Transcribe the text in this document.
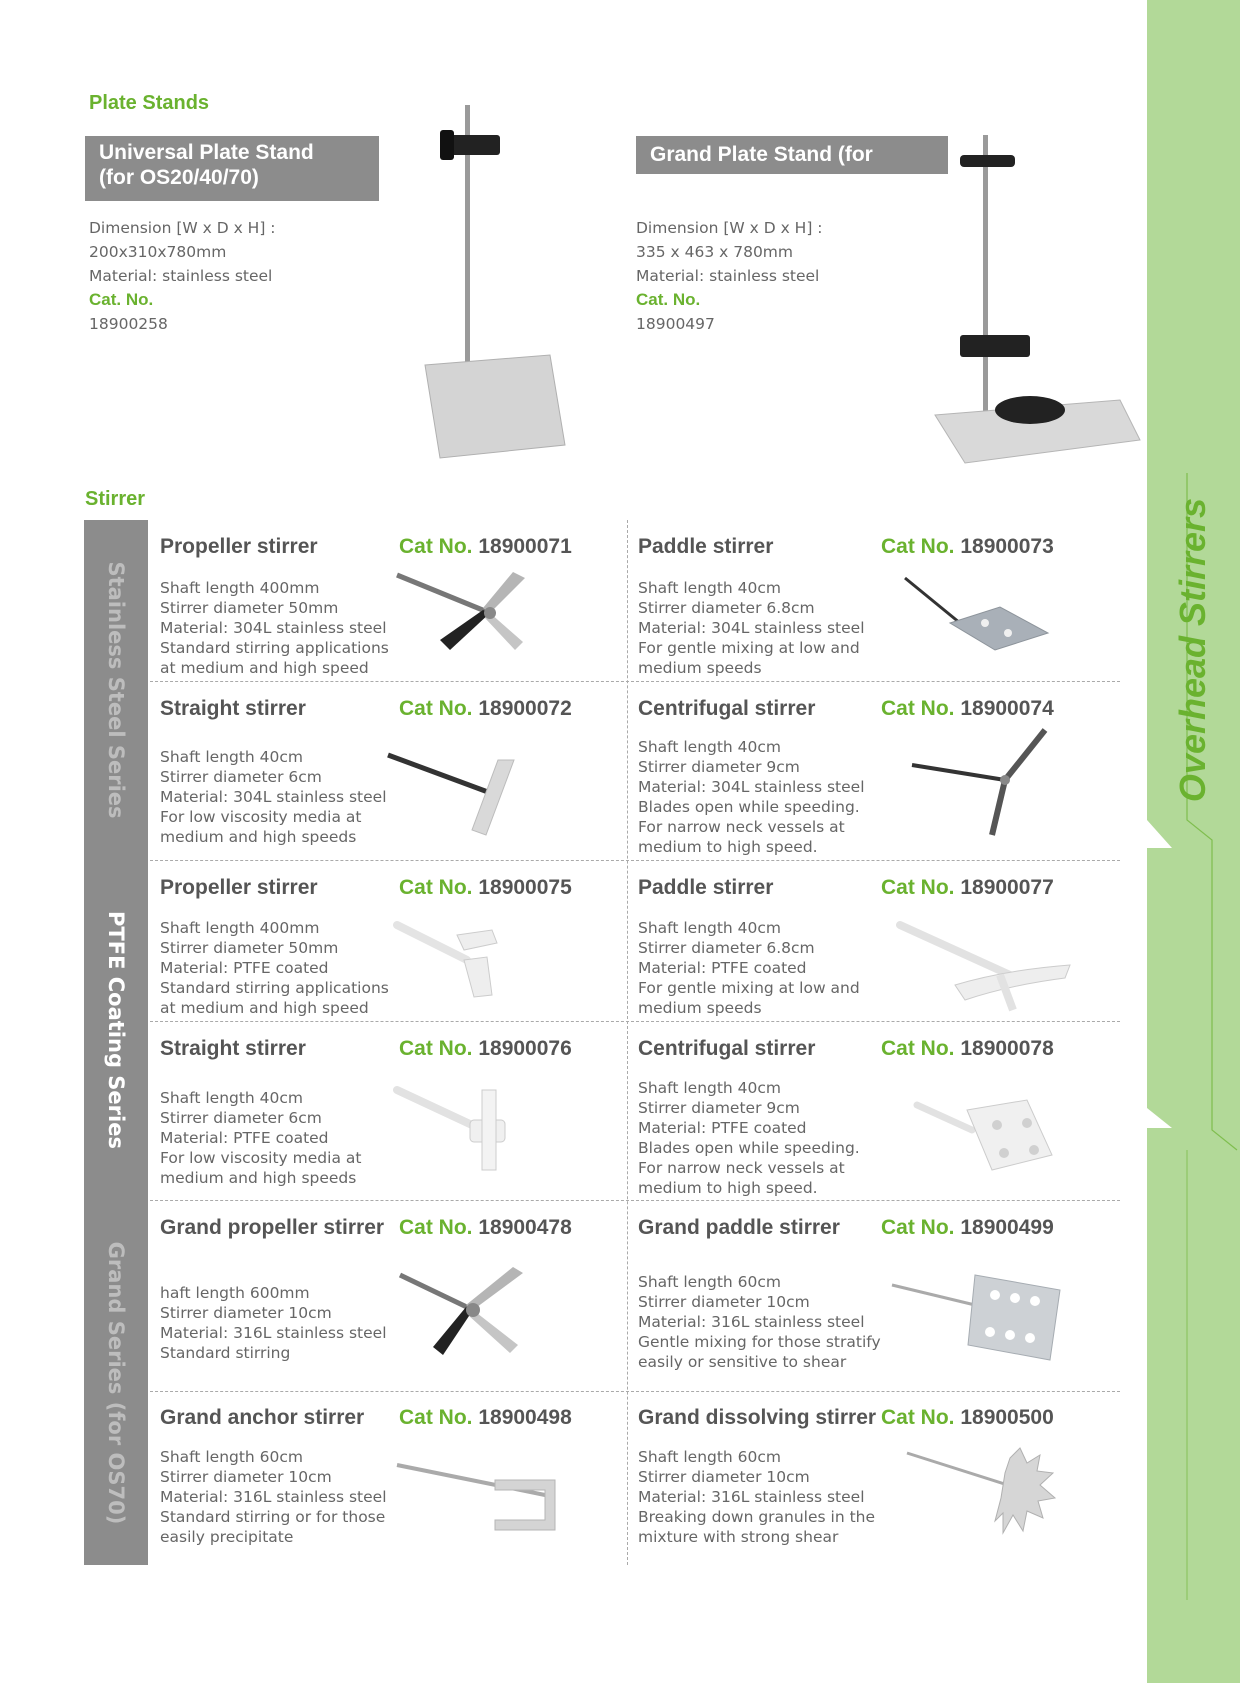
Overhead Stirrers
Plate Stands
Universal Plate Stand
(for OS20/40/70)
Dimension [W x D x H] :
200x310x780mm
Material: stainless steel
Cat. No.
18900258
Grand Plate Stand (for OS70)
Dimension [W x D x H] :
335 x 463 x 780mm
Material: stainless steel
Cat. No.
18900497
Stirrer
Stainless Steel Series
PTFE Coating Series
Grand Series (for OS70)
Propeller stirrer	Cat No. 18900071
Shaft length 400mm
Stirrer diameter 50mm
Material: 304L stainless steel
Standard stirring applications
at medium and high speed
Paddle stirrer	Cat No. 18900073
Shaft length 40cm
Stirrer diameter 6.8cm
Material: 304L stainless steel
For gentle mixing at low and
medium speeds
Straight stirrer	Cat No. 18900072
Shaft length 40cm
Stirrer diameter 6cm
Material: 304L stainless steel
For low viscosity media at
medium and high speeds
Centrifugal stirrer	Cat No. 18900074
Shaft length 40cm
Stirrer diameter 9cm
Material: 304L stainless steel
Blades open while speeding.
For narrow neck vessels at
medium to high speed.
Propeller stirrer	Cat No. 18900075
Shaft length 400mm
Stirrer diameter 50mm
Material: PTFE coated
Standard stirring applications
at medium and high speed
Paddle stirrer	Cat No. 18900077
Shaft length 40cm
Stirrer diameter 6.8cm
Material: PTFE coated
For gentle mixing at low and
medium speeds
Straight stirrer	Cat No. 18900076
Shaft length 40cm
Stirrer diameter 6cm
Material: PTFE coated
For low viscosity media at
medium and high speeds
Centrifugal stirrer	Cat No. 18900078
Shaft length 40cm
Stirrer diameter 9cm
Material: PTFE coated
Blades open while speeding.
For narrow neck vessels at
medium to high speed.
Grand propeller stirrer Cat No. 18900478
haft length 600mm
Stirrer diameter 10cm
Material: 316L stainless steel
Standard stirring
Grand paddle stirrer Cat No. 18900499
Shaft length 60cm
Stirrer diameter 10cm
Material: 316L stainless steel
Gentle mixing for those stratify
easily or sensitive to shear
Grand anchor stirrer Cat No. 18900498
Shaft length 60cm
Stirrer diameter 10cm
Material: 316L stainless steel
Standard stirring or for those
easily precipitate
Grand dissolving stirrer Cat No. 18900500
Shaft length 60cm
Stirrer diameter 10cm
Material: 316L stainless steel
Breaking down granules in the
mixture with strong shear
